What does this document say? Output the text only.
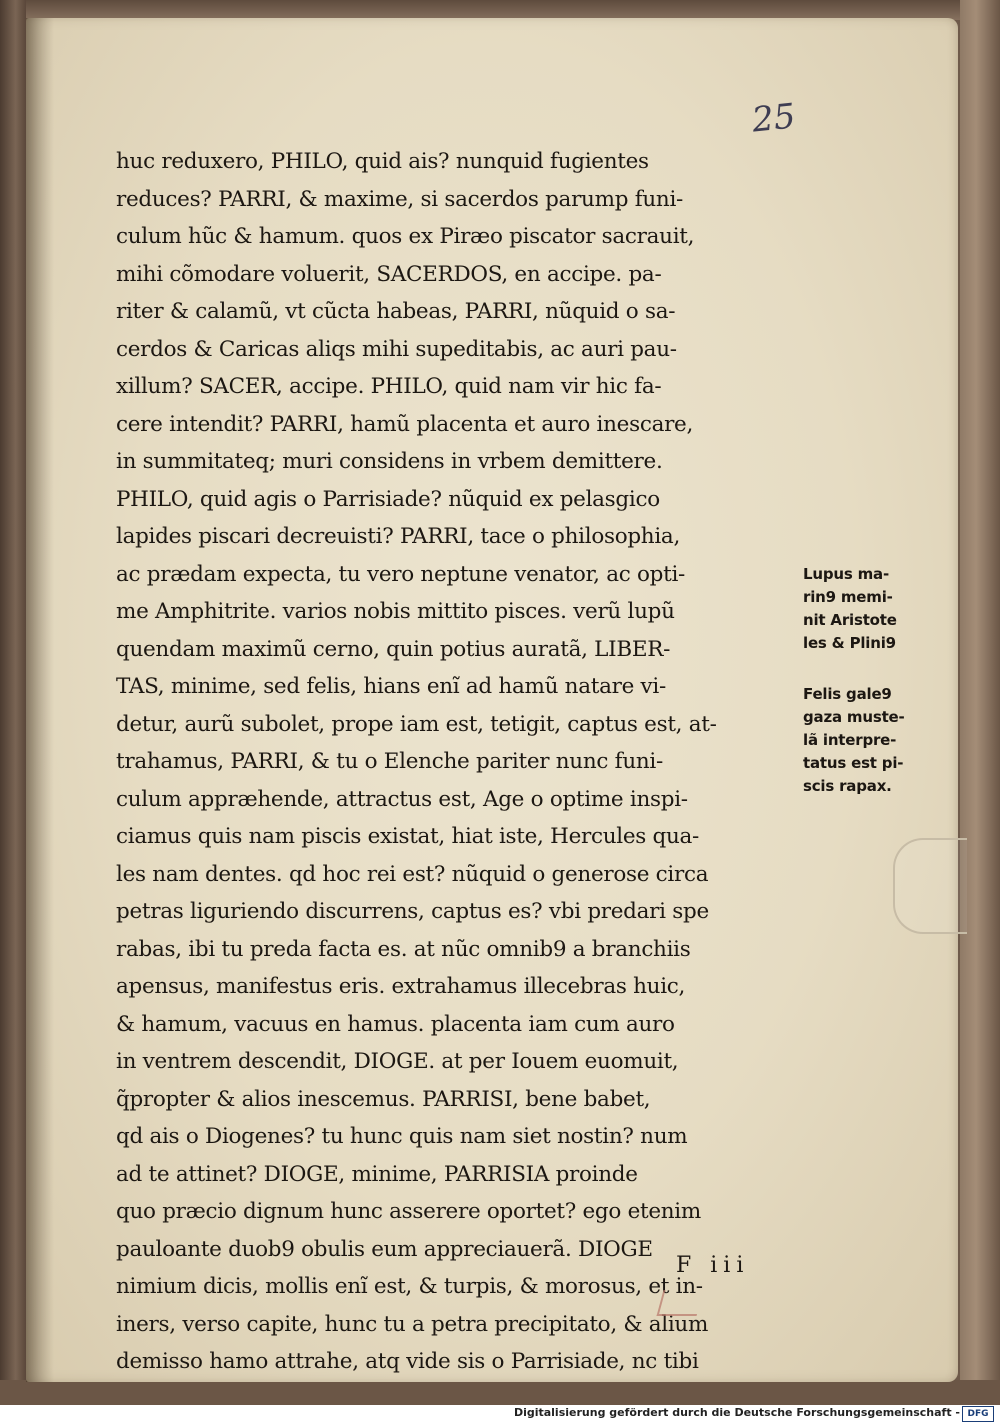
25
huc reduxero, PHILO, quid ais? nunquid fugientes
reduces? PARRI, & maxime, si sacerdos parump funi-
culum hũc & hamum. quos ex Piræo piscator sacrauit,
mihi cõmodare voluerit, SACERDOS, en accipe. pa-
riter & calamũ, vt cũcta habeas, PARRI, nũquid o sa-
cerdos & Caricas aliqs mihi supeditabis, ac auri pau-
xillum? SACER, accipe. PHILO, quid nam vir hic fa-
cere intendit? PARRI, hamũ placenta et auro inescare,
in summitateq; muri considens in vrbem demittere.
PHILO, quid agis o Parrisiade? nũquid ex pelasgico
lapides piscari decreuisti? PARRI, tace o philosophia,
ac prædam expecta, tu vero neptune venator, ac opti-
me Amphitrite. varios nobis mittito pisces. verũ lupũ
quendam maximũ cerno, quin potius auratã, LIBER-
TAS, minime, sed felis, hians enĩ ad hamũ natare vi-
detur, aurũ subolet, prope iam est, tetigit, captus est, at-
trahamus, PARRI, & tu o Elenche pariter nunc funi-
culum appræhende, attractus est, Age o optime inspi-
ciamus quis nam piscis existat, hiat iste, Hercules qua-
les nam dentes. qd hoc rei est? nũquid o generose circa
petras liguriendo discurrens, captus es? vbi predari spe
rabas, ibi tu preda facta es. at nũc omnib9 a branchiis
apensus, manifestus eris. extrahamus illecebras huic,
& hamum, vacuus en hamus. placenta iam cum auro
in ventrem descendit, DIOGE. at per Iouem euomuit,
q̃propter & alios inescemus. PARRISI, bene babet,
qd ais o Diogenes? tu hunc quis nam siet nostin? num
ad te attinet? DIOGE, minime, PARRISIA proinde
quo præcio dignum hunc asserere oportet? ego etenim
pauloante duob9 obulis eum appreciauerã. DIOGE
nimium dicis, mollis enĩ est, & turpis, & morosus, et in-
iners, verso capite, hunc tu a petra precipitato, & alium
demisso hamo attrahe, atq vide sis o Parrisiade, nc tibi
Lupus ma-
rin9 memi-
nit Aristote
les & Plini9
Felis gale9
gaza muste-
lã interpre-
tatus est pi-
scis rapax.
F iii
Digitalisierung gefördert durch die Deutsche Forschungsgemeinschaft - DFG
